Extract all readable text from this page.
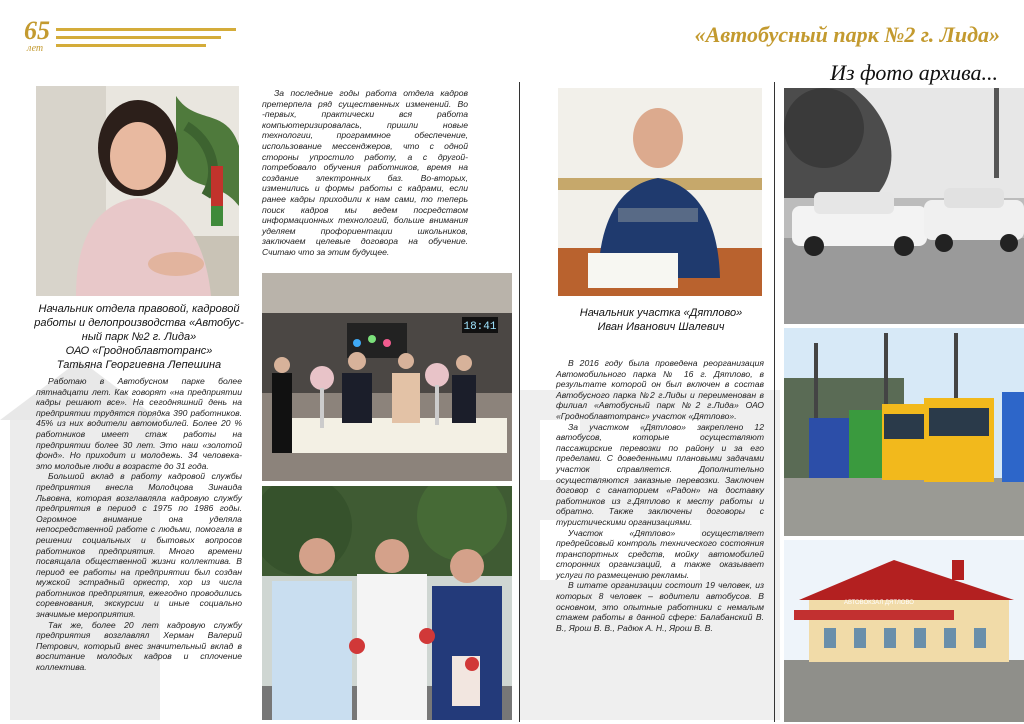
65
лет
«Автобусный парк №2 г. Лида»
Из фото архива...
Начальник отдела правовой, кадровой
работы и делопроизводства «Автобус-
ный парк №2 г. Лида»
ОАО «Гродноблавтотранс»
Татьяна Георгиевна Лепешина

Работаю в Автобусном парке более пятнадцати лет. Как говорят «на предприятии кадры решают все». На сегодняшний день на предприятии трудятся порядка 390 работников. 45% из них водители автомобилей. Более 20 % работников имеет стаж работы на предприятии более 30 лет. Это наш «золотой фонд». Но приходит и молодежь. 34 человека-это молодые люди в возрасте до 31 года.

Большой вклад в работу кадровой службы предприятия внесла Молодцова Зинаида Львовна, которая возглавляла кадровую службу предприятия в период с 1975 по 1986 годы. Огромное внимание она уделяла непосредственной работе с людьми, помогала в решении социальных и бытовых вопросов работников предприятия. Много времени посвящала общественной жизни коллектива. В период ее работы на предприятии был создан мужской эстрадный оркестр, хор из числа работников предприятия, ежегодно проводились соревнования, экскурсии и иные социально значимые мероприятия.

Так же, более 20 лет кадровую службу предприятия возглавлял Херман Валерий Петрович, который внес значительный вклад в воспитание молодых кадров и сплочение коллектива.

За последние годы работа отдела кадров претерпела ряд существенных изменений. Во -первых, практически вся работа компьютеризировалась, пришли новые технологии, программное обеспечение, использование мессенджеров, что с одной стороны упростило работу, а с другой-потребовало обучения работников, время на создание электронных баз. Во-вторых, изменились и формы работы с кадрами, если ранее кадры приходили к нам сами, то теперь поиск кадров мы ведем посредством информационных технологий, больше внимания уделяем профориентации школьников, заключаем целевые договора на обучение. Считаю что за этим будущее.

18:41
Начальник участка «Дятлово»
Иван Иванович Шалевич

В 2016 году была проведена реорганизация Автомобильного парка № 16 г. Дятлово, в результате которой он был включен в состав Автобусного парка №2 г.Лиды и переименован в филиал «Автобусный парк №2 г.Лида» ОАО «Гродноблавтотранс» участок «Дятлово».

За участком «Дятлово» закреплено 12 автобусов, которые осуществляют пассажирские перевозки по району и за его пределами. С доведенными плановыми задачами участок справляется. Дополнительно осуществляются заказные перевозки. Заключен договор с санаторием «Радон» на доставку работников из г.Дятлово к месту работы и обратно. Также заключены договоры с туристическими организациями.

Участок «Дятлово» осуществляет предрейсовый контроль технического состояния транспортных средств, мойку автомобилей сторонних организаций, а также оказывает услуги по размещению рекламы.

В штате организации состоит 19 человек, из которых 8 человек – водители автобусов. В основном, это опытные работники с немалым стажем работы в данной сфере: Балабанский В. В., Ярош В. В., Радюк А. Н., Ярош В. В.

АВТОВОКЗАЛ ДЯТЛОВО
